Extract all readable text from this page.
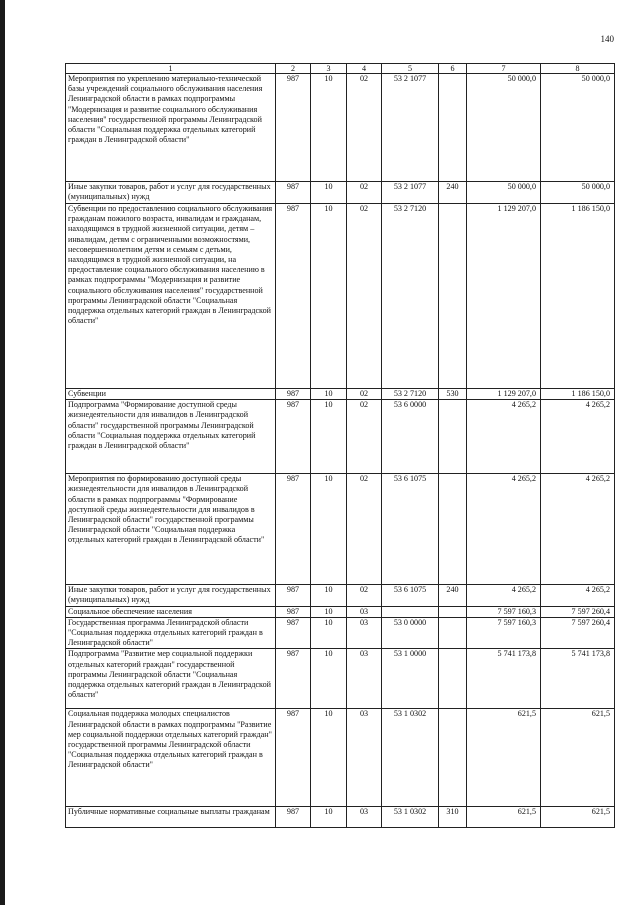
140
1	2	3	4	5	6	7	8
Мероприятия по укреплению материально-технической базы учреждений социального обслуживания населения Ленинградской области в рамках подпрограммы "Модернизация и развитие социального обслуживания населения" государственной программы Ленинградской области "Социальная поддержка отдельных категорий граждан в Ленинградской области"	987	10	02	53 2 1077		50 000,0	50 000,0
Иные закупки товаров, работ и услуг для государственных (муниципальных) нужд	987	10	02	53 2 1077	240	50 000,0	50 000,0
Субвенции по предоставлению социального обслуживания гражданам пожилого возраста, инвалидам и гражданам, находящимся в трудной жизненной ситуации, детям – инвалидам, детям с ограниченными возможностями, несовершеннолетним детям и семьям с детьми, находящимся в трудной жизненной ситуации, на предоставление социального обслуживания населению в рамках подпрограммы "Модернизация и развитие социального обслуживания населения" государственной программы Ленинградской области "Социальная поддержка отдельных категорий граждан в Ленинградской области"	987	10	02	53 2 7120		1 129 207,0	1 186 150,0
Субвенции	987	10	02	53 2 7120	530	1 129 207,0	1 186 150,0
Подпрограмма "Формирование доступной среды жизнедеятельности для инвалидов в Ленинградской области" государственной программы Ленинградской области "Социальная поддержка отдельных категорий граждан в Ленинградской области"	987	10	02	53 6 0000		4 265,2	4 265,2
Мероприятия по формированию доступной среды жизнедеятельности для инвалидов в Ленинградской области в рамках подпрограммы "Формирование доступной среды жизнедеятельности для инвалидов в Ленинградской области" государственной программы Ленинградской области "Социальная поддержка отдельных категорий граждан в Ленинградской области"	987	10	02	53 6 1075		4 265,2	4 265,2
Иные закупки товаров, работ и услуг для государственных (муниципальных) нужд	987	10	02	53 6 1075	240	4 265,2	4 265,2
Социальное обеспечение населения	987	10	03			7 597 160,3	7 597 260,4
Государственная программа Ленинградской области "Социальная поддержка отдельных категорий граждан в Ленинградской области"	987	10	03	53 0 0000		7 597 160,3	7 597 260,4
Подпрограмма "Развитие мер социальной поддержки отдельных категорий граждан" государственной программы Ленинградской области "Социальная поддержка отдельных категорий граждан в Ленинградской области"	987	10	03	53 1 0000		5 741 173,8	5 741 173,8
Социальная поддержка молодых специалистов Ленинградской области в рамках подпрограммы "Развитие мер социальной поддержки отдельных категорий граждан" государственной программы Ленинградской области "Социальная поддержка отдельных категорий граждан в Ленинградской области"	987	10	03	53 1 0302		621,5	621,5
Публичные нормативные социальные выплаты гражданам	987	10	03	53 1 0302	310	621,5	621,5
